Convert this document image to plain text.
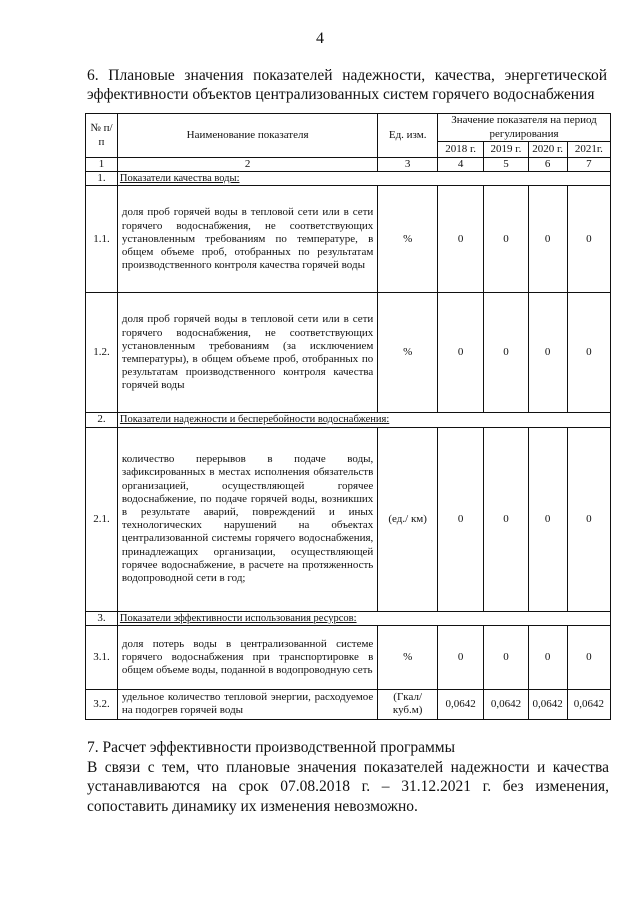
4
6. Плановые значения показателей надежности, качества, энергетической
эффективности объектов централизованных систем горячего водоснабжения
№ п/п	Наименование показателя	Ед. изм.	Значение показателя на период регулирования			
			2018 г.	2019 г.	2020 г.	2021г.
1	2	3	4	5	6	7
1.	Показатели качества воды:					
1.1.	доля проб горячей воды в тепловой сети или в сети горячего водоснабжения, не соответствующих установленным требованиям по температуре, в общем объеме проб, отобранных по результатам производственного контроля качества горячей воды	%	0	0	0	0
1.2.	доля проб горячей воды в тепловой сети или в сети горячего водоснабжения, не соответствующих установленным требованиям (за исключением температуры), в общем объеме проб, отобранных по результатам производственного контроля качества горячей воды	%	0	0	0	0
2.	Показатели надежности и бесперебойности водоснабжения:					
2.1.	количество перерывов в подаче воды, зафиксированных в местах исполнения обязательств организацией, осуществляющей горячее водоснабжение, по подаче горячей воды, возникших в результате аварий, повреждений и иных технологических нарушений на объектах централизованной системы горячего водоснабжения, принадлежащих организации, осуществляющей горячее водоснабжение, в расчете на протяженность водопроводной сети в год;	(ед./ км)	0	0	0	0
3.	Показатели эффективности использования ресурсов:					
3.1.	доля потерь воды в централизованной системе горячего водоснабжения при транспортировке в общем объеме воды, поданной в водопроводную сеть	%	0	0	0	0
3.2.	удельное количество тепловой энергии, расходуемое на подогрев горячей воды	(Гкал/ куб.м)	0,0642	0,0642	0,0642	0,0642
7. Расчет эффективности производственной программы
В связи с тем, что плановые значения показателей надежности и качества устанавливаются на срок 07.08.2018 г. – 31.12.2021 г. без изменения, сопоставить динамику их изменения невозможно.
